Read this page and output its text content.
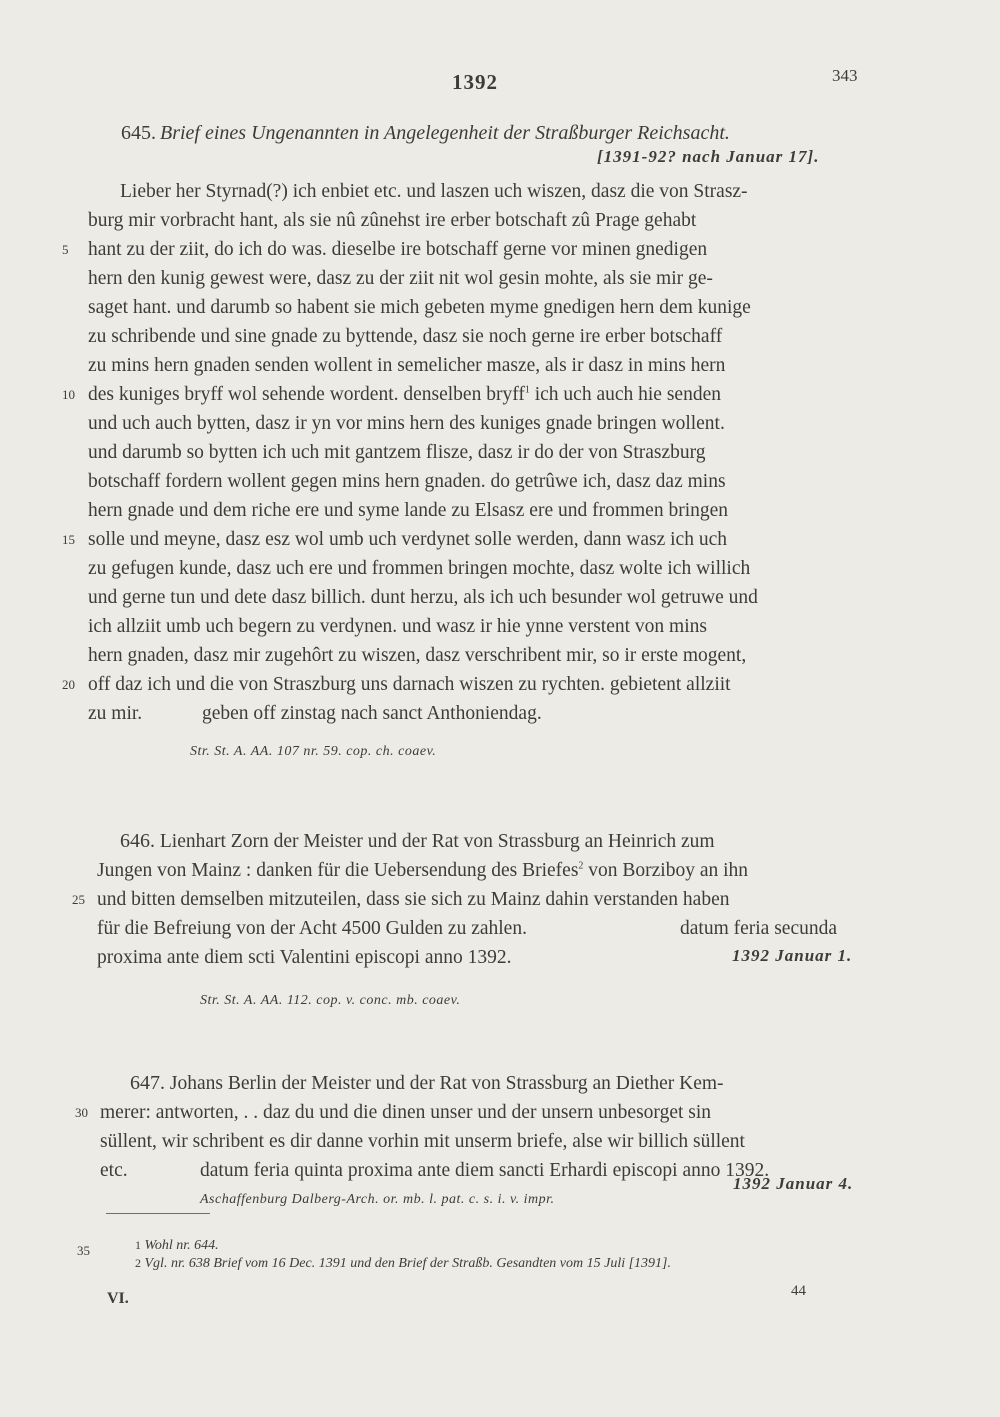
1392	343
645. Brief eines Ungenannten in Angelegenheit der Straßburger Reichsacht.
[1391-92? nach Januar 17].
Lieber her Styrnad(?) ich enbiet etc. und laszen uch wiszen, dasz die von Strasz-
burg mir vorbracht hant, als sie nû zûnehst ire erber botschaft zû Prage gehabt
hant zu der ziit, do ich do was. dieselbe ire botschaff gerne vor minen gnedigen
hern den kunig gewest were, dasz zu der ziit nit wol gesin mohte, als sie mir ge-
saget hant. und darumb so habent sie mich gebeten myme gnedigen hern dem kunige
zu schribende und sine gnade zu byttende, dasz sie noch gerne ire erber botschaff
zu mins hern gnaden senden wollent in semelicher masze, als ir dasz in mins hern
des kuniges bryff wol sehende wordent. denselben bryff$^1$ ich uch auch hie senden
und uch auch bytten, dasz ir yn vor mins hern des kuniges gnade bringen wollent.
und darumb so bytten ich uch mit gantzem flisze, dasz ir do der von Straszburg
botschaff fordern wollent gegen mins hern gnaden. do getrûwe ich, dasz daz mins
hern gnade und dem riche ere und syme lande zu Elsasz ere und frommen bringen
solle und meyne, dasz esz wol umb uch verdynet solle werden, dann wasz ich uch
zu gefugen kunde, dasz uch ere und frommen bringen mochte, dasz wolte ich willich
und gerne tun und dete dasz billich. dunt herzu, als ich uch besunder wol getruwe und
ich allziit umb uch begern zu verdynen. und wasz ir hie ynne verstent von mins
hern gnaden, dasz mir zugehôrt zu wiszen, dasz verschribent mir, so ir erste mogent,
off daz ich und die von Straszburg uns darnach wiszen zu rychten. gebietent allziit
zu mir.	geben off zinstag nach sanct Anthoniendag.
Str. St. A. AA. 107 nr. 59. cop. ch. coaev.
646. Lienhart Zorn der Meister und der Rat von Strassburg an Heinrich zum
Jungen von Mainz : danken für die Uebersendung des Briefes$^2$ von Borziboy an ihn
und bitten demselben mitzuteilen, dass sie sich zu Mainz dahin verstanden haben
für die Befreiung von der Acht 4500 Gulden zu zahlen.	datum feria secunda
proxima ante diem scti Valentini episcopi anno 1392.	1392 Januar 1.
Str. St. A. AA. 112. cop. v. conc. mb. coaev.
647. Johans Berlin der Meister und der Rat von Strassburg an Diether Kem-
merer: antworten, . . daz du und die dinen unser und der unsern unbesorget sin
süllent, wir schribent es dir danne vorhin mit unserm briefe, alse wir billich süllent
etc.	datum feria quinta proxima ante diem sancti Erhardi episcopi anno 1392.
1392 Januar 4.
Aschaffenburg Dalberg-Arch. or. mb. l. pat. c. s. i. v. impr.
5
10
15
20
25
30
35	1 Wohl nr. 644.
2 Vgl. nr. 638 Brief vom 16 Dec. 1391 und den Brief der Straßb. Gesandten vom 15 Juli [1391].
VI.	44
